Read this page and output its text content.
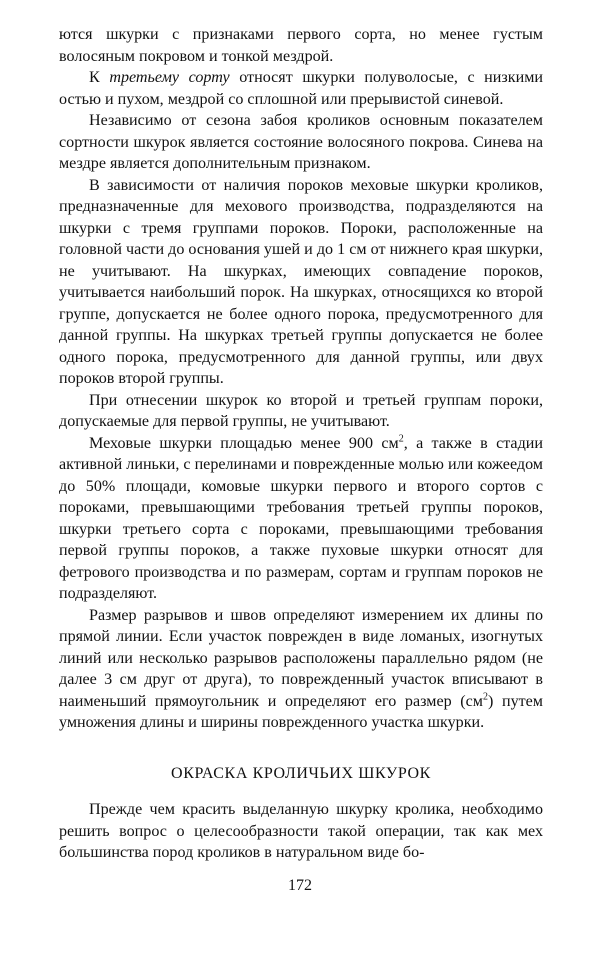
ются шкурки с признаками первого сорта, но менее густым волосяным покровом и тонкой мездрой.

К третьему сорту относят шкурки полуволосые, с низкими остью и пухом, мездрой со сплошной или прерывистой синевой.

Независимо от сезона забоя кроликов основным показателем сортности шкурок является состояние волосяного покрова. Синева на мездре является дополнительным признаком.

В зависимости от наличия пороков меховые шкурки кроликов, предназначенные для мехового производства, подразделяются на шкурки с тремя группами пороков. Пороки, расположенные на головной части до основания ушей и до 1 см от нижнего края шкурки, не учитывают. На шкурках, имеющих совпадение пороков, учитывается наибольший порок. На шкурках, относящихся ко второй группе, допускается не более одного порока, предусмотренного для данной группы. На шкурках третьей группы допускается не более одного порока, предусмотренного для данной группы, или двух пороков второй группы.

При отнесении шкурок ко второй и третьей группам пороки, допускаемые для первой группы, не учитывают.

Меховые шкурки площадью менее 900 $см^2$, а также в стадии активной линьки, с перелинами и поврежденные молью или кожеедом до 50% площади, комовые шкурки первого и второго сортов с пороками, превышающими требования третьей группы пороков, шкурки третьего сорта с пороками, превышающими требования первой группы пороков, а также пуховые шкурки относят для фетрового производства и по размерам, сортам и группам пороков не подразделяют.

Размер разрывов и швов определяют измерением их длины по прямой линии. Если участок поврежден в виде ломаных, изогнутых линий или несколько разрывов расположены параллельно рядом (не далее 3 см друг от друга), то поврежденный участок вписывают в наименьший прямоугольник и определяют его размер $(см^2)$ путем умножения длины и ширины поврежденного участка шкурки.

ОКРАСКА КРОЛИЧЬИХ ШКУРОК

Прежде чем красить выделанную шкурку кролика, необходимо решить вопрос о целесообразности такой операции, так как мех большинства пород кроликов в натуральном виде бо-

172
